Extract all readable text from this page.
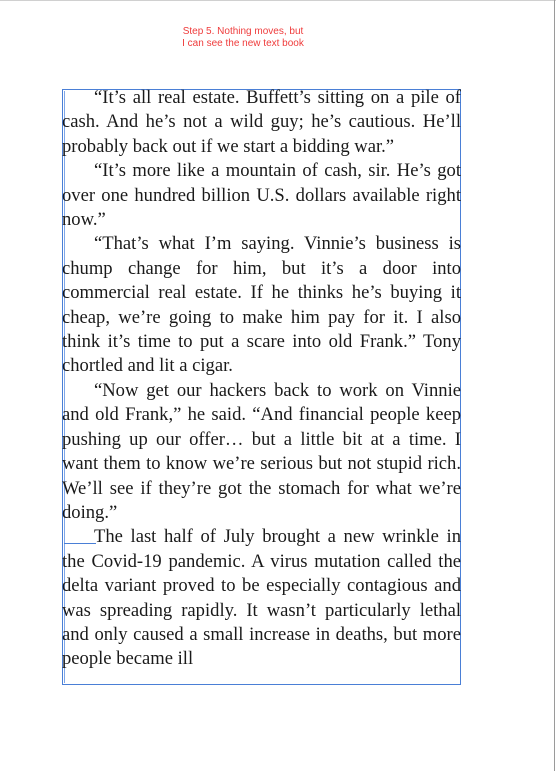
Step 5. Nothing moves, but
I can see the new text book

“It’s all real estate. Buffett’s sitting on a pile of cash. And he’s not a wild guy; he’s cautious. He’ll probably back out if we start a bidding war.”

“It’s more like a mountain of cash, sir. He’s got over one hundred billion U.S. dollars available right now.”

“That’s what I’m saying. Vinnie’s business is chump change for him, but it’s a door into commercial real estate. If he thinks he’s buying it cheap, we’re going to make him pay for it. I also think it’s time to put a scare into old Frank.” Tony chortled and lit a cigar.

“Now get our hackers back to work on Vinnie and old Frank,” he said. “And financial people keep pushing up our offer… but a little bit at a time. I want them to know we’re serious but not stupid rich. We’ll see if they’re got the stomach for what we’re doing.”

The last half of July brought a new wrinkle in the Covid-19 pandemic. A virus mutation called the delta variant proved to be especially contagious and was spreading rapidly. It wasn’t particularly lethal and only caused a small increase in deaths, but more people became ill
